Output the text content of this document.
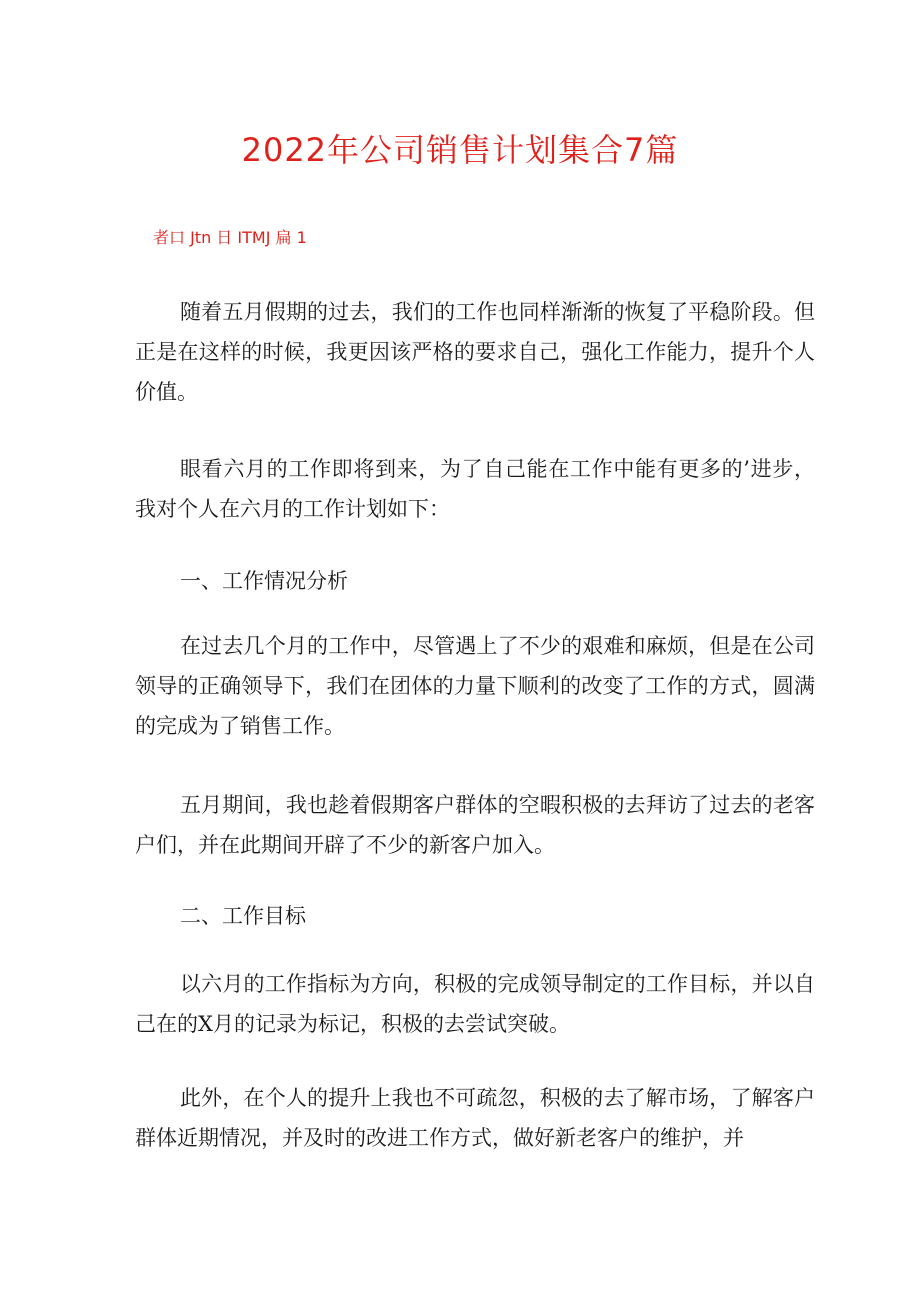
2022年公司销售计划集合7篇
者口 Jtn 日 ITMJ 扁 1

随着五月假期的过去，我们的工作也同样渐渐的恢复了平稳阶段。但正是在这样的时候，我更因该严格的要求自己，强化工作能力，提升个人价值。

眼看六月的工作即将到来，为了自己能在工作中能有更多的’进步，我对个人在六月的工作计划如下：

一、工作情况分析

在过去几个月的工作中，尽管遇上了不少的艰难和麻烦，但是在公司领导的正确领导下，我们在团体的力量下顺利的改变了工作的方式，圆满的完成为了销售工作。

五月期间，我也趁着假期客户群体的空暇积极的去拜访了过去的老客户们，并在此期间开辟了不少的新客户加入。

二、工作目标

以六月的工作指标为方向，积极的完成领导制定的工作目标，并以自己在的X月的记录为标记，积极的去尝试突破。

此外，在个人的提升上我也不可疏忽，积极的去了解市场，了解客户群体近期情况，并及时的改进工作方式，做好新老客户的维护，并
